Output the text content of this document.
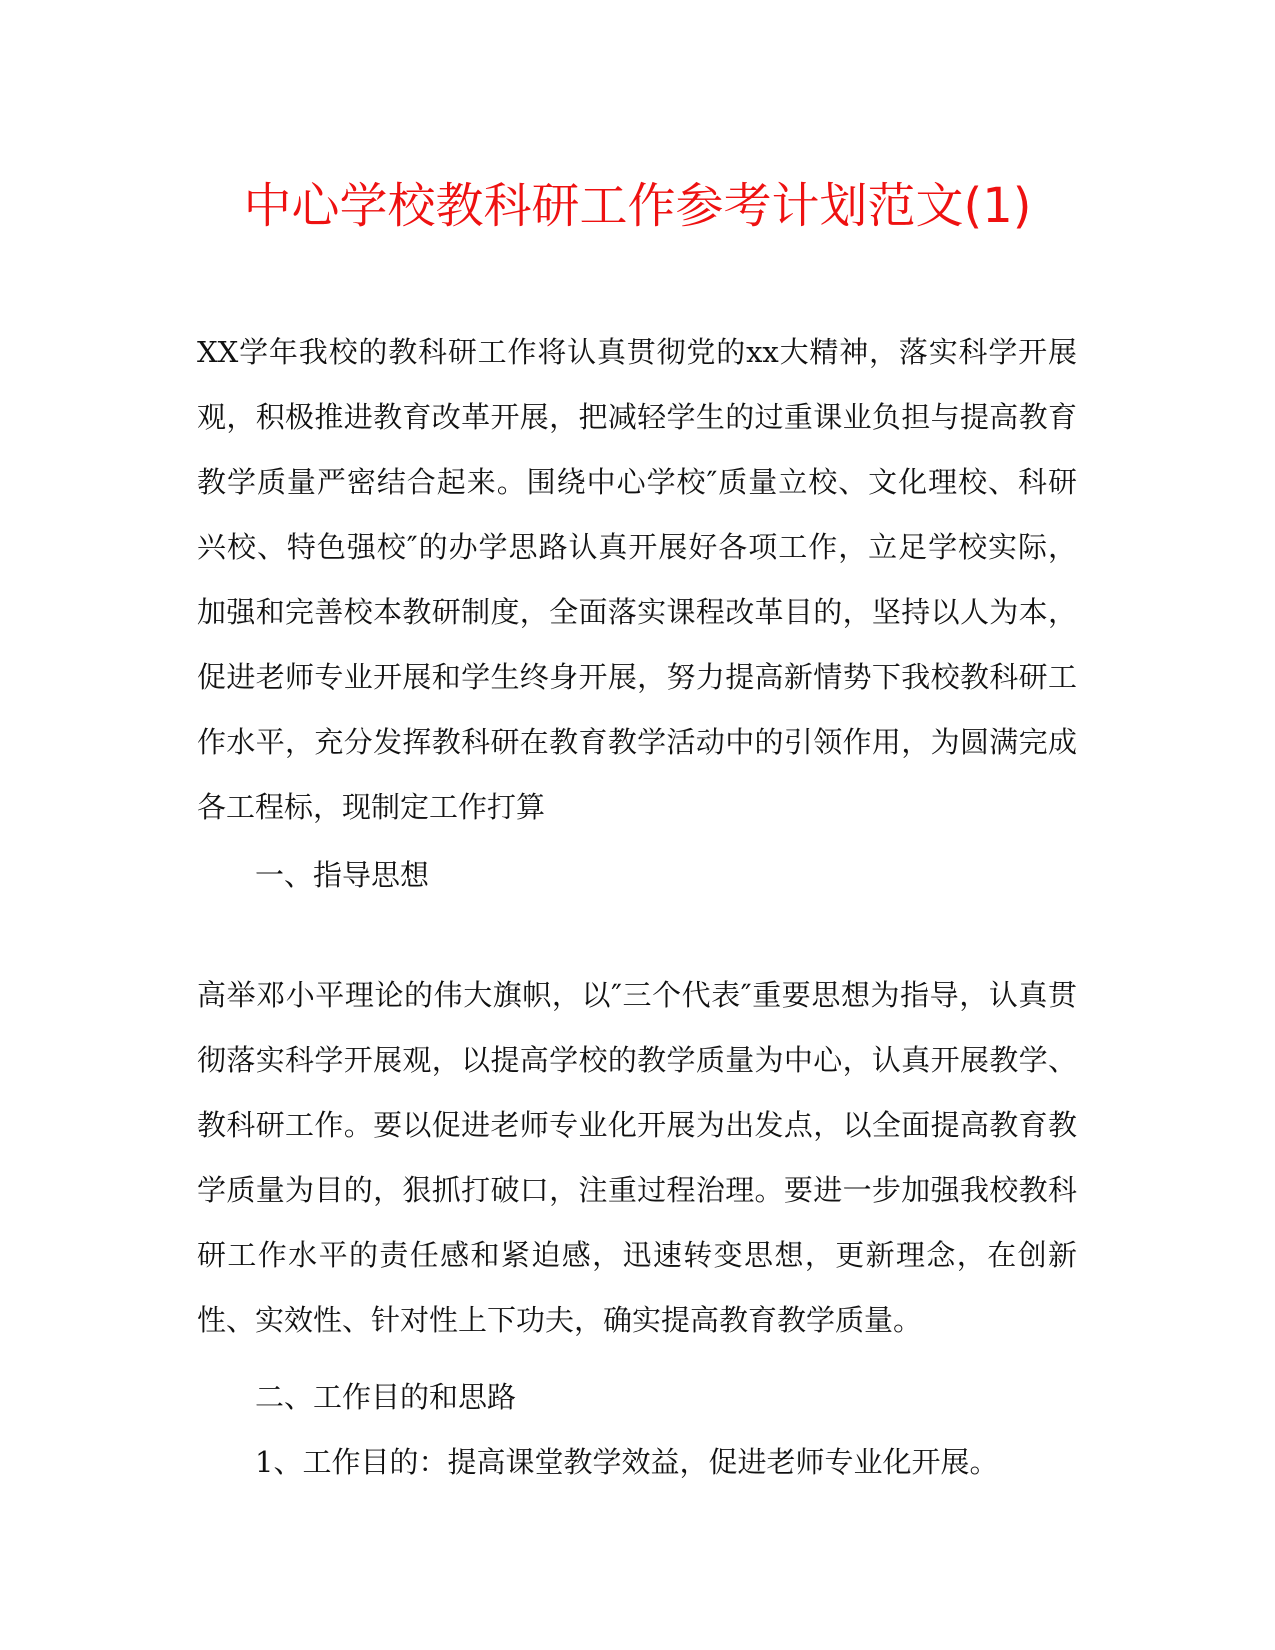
中心学校教科研工作参考计划范文(1)

XX学年我校的教科研工作将认真贯彻党的xx大精神，落实科学开展观，积极推进教育改革开展，把减轻学生的过重课业负担与提高教育教学质量严密结合起来。围绕中心学校″质量立校、文化理校、科研兴校、特色强校″的办学思路认真开展好各项工作，立足学校实际，加强和完善校本教研制度，全面落实课程改革目的，坚持以人为本，促进老师专业开展和学生终身开展，努力提高新情势下我校教科研工作水平，充分发挥教科研在教育教学活动中的引领作用，为圆满完成各工程标，现制定工作打算

一、指导思想

高举邓小平理论的伟大旗帜，以″三个代表″重要思想为指导，认真贯彻落实科学开展观，以提高学校的教学质量为中心，认真开展教学、教科研工作。要以促进老师专业化开展为出发点，以全面提高教育教学质量为目的，狠抓打破口，注重过程治理。要进一步加强我校教科研工作水平的责任感和紧迫感，迅速转变思想，更新理念，在创新性、实效性、针对性上下功夫，确实提高教育教学质量。

二、工作目的和思路

1、工作目的：提高课堂教学效益，促进老师专业化开展。
